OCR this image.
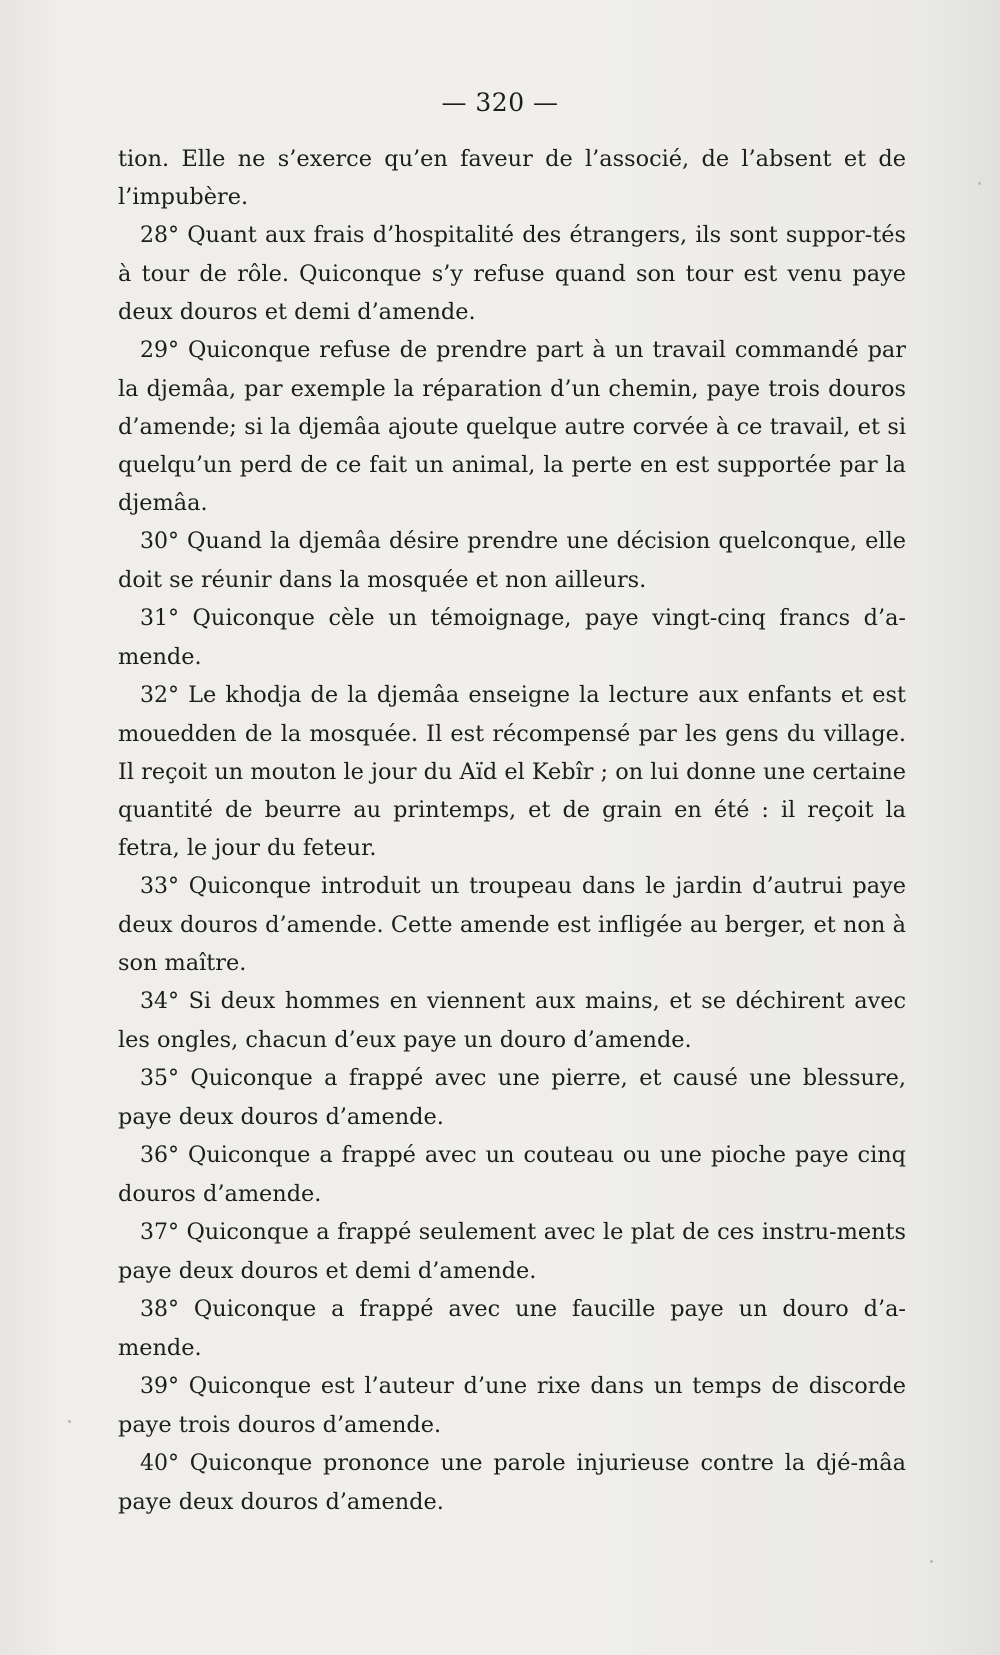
— 320 —

tion. Elle ne s’exerce qu’en faveur de l’associé, de l’absent et de l’impubère.

28° Quant aux frais d’hospitalité des étrangers, ils sont suppor-tés à tour de rôle. Quiconque s’y refuse quand son tour est venu paye deux douros et demi d’amende.

29° Quiconque refuse de prendre part à un travail commandé par la djemâa, par exemple la réparation d’un chemin, paye trois douros d’amende; si la djemâa ajoute quelque autre corvée à ce travail, et si quelqu’un perd de ce fait un animal, la perte en est supportée par la djemâa.

30° Quand la djemâa désire prendre une décision quelconque, elle doit se réunir dans la mosquée et non ailleurs.

31° Quiconque cèle un témoignage, paye vingt-cinq francs d’a-mende.

32° Le khodja de la djemâa enseigne la lecture aux enfants et est mouedden de la mosquée. Il est récompensé par les gens du village. Il reçoit un mouton le jour du Aïd el Kebîr ; on lui donne une certaine quantité de beurre au printemps, et de grain en été : il reçoit la fetra, le jour du feteur.

33° Quiconque introduit un troupeau dans le jardin d’autrui paye deux douros d’amende. Cette amende est infligée au berger, et non à son maître.

34° Si deux hommes en viennent aux mains, et se déchirent avec les ongles, chacun d’eux paye un douro d’amende.

35° Quiconque a frappé avec une pierre, et causé une blessure, paye deux douros d’amende.

36° Quiconque a frappé avec un couteau ou une pioche paye cinq douros d’amende.

37° Quiconque a frappé seulement avec le plat de ces instru-ments paye deux douros et demi d’amende.

38° Quiconque a frappé avec une faucille paye un douro d’a-mende.

39° Quiconque est l’auteur d’une rixe dans un temps de discorde paye trois douros d’amende.

40° Quiconque prononce une parole injurieuse contre la djé-mâa paye deux douros d’amende.
